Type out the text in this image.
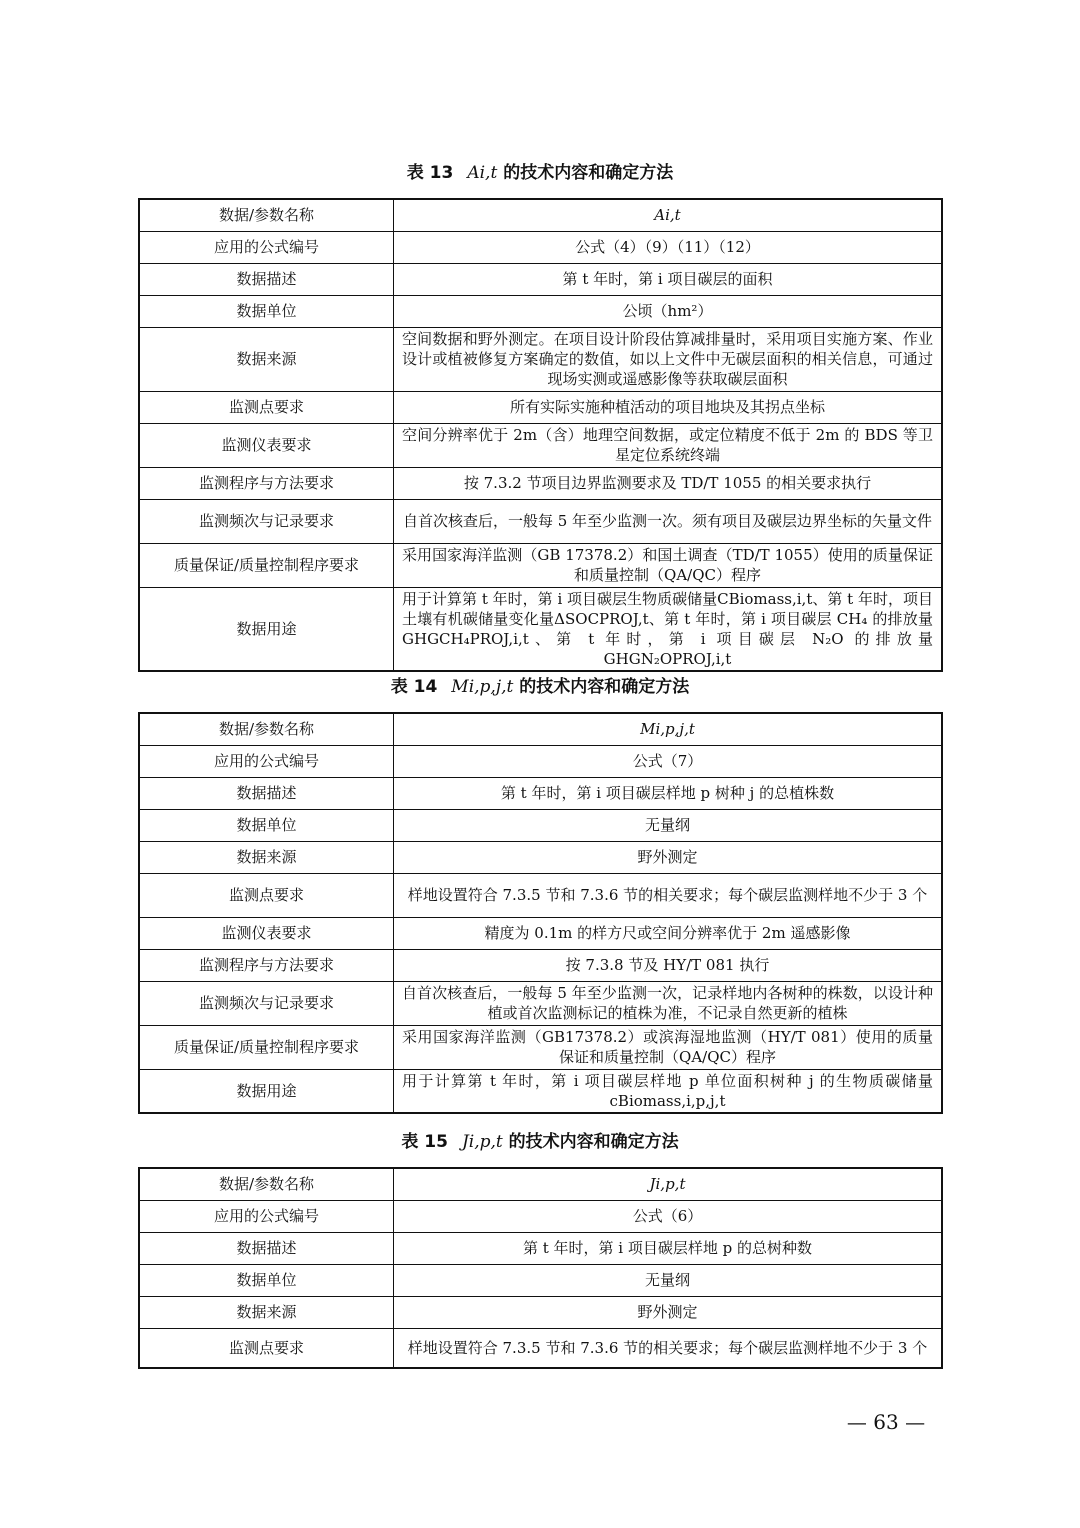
表 13 Ai,t 的技术内容和确定方法
数据/参数名称	Ai,t
应用的公式编号	公式（4）（9）（11）（12）
数据描述	第 t 年时，第 i 项目碳层的面积
数据单位	公顷（hm²）
数据来源	空间数据和野外测定。在项目设计阶段估算减排量时，采用项目实施方案、作业设计或植被修复方案确定的数值，如以上文件中无碳层面积的相关信息，可通过现场实测或遥感影像等获取碳层面积
监测点要求	所有实际实施种植活动的项目地块及其拐点坐标
监测仪表要求	空间分辨率优于 2m（含）地理空间数据，或定位精度不低于 2m 的 BDS 等卫星定位系统终端
监测程序与方法要求	按 7.3.2 节项目边界监测要求及 TD/T 1055 的相关要求执行
监测频次与记录要求	自首次核查后，一般每 5 年至少监测一次。须有项目及碳层边界坐标的矢量文件
质量保证/质量控制程序要求	采用国家海洋监测（GB 17378.2）和国土调查（TD/T 1055）使用的质量保证和质量控制（QA/QC）程序
数据用途	用于计算第 t 年时，第 i 项目碳层生物质碳储量CBiomass,i,t、第 t 年时，项目土壤有机碳储量变化量ΔSOCPROJ,t、第 t 年时，第 i 项目碳层 CH₄ 的排放量GHGCH₄PROJ,i,t、第 t 年时，第 i 项目碳层 N₂O 的排放量GHGN₂OPROJ,i,t
表 14 Mi,p,j,t 的技术内容和确定方法
数据/参数名称	Mi,p,j,t
应用的公式编号	公式（7）
数据描述	第 t 年时，第 i 项目碳层样地 p 树种 j 的总植株数
数据单位	无量纲
数据来源	野外测定
监测点要求	样地设置符合 7.3.5 节和 7.3.6 节的相关要求；每个碳层监测样地不少于 3 个
监测仪表要求	精度为 0.1m 的样方尺或空间分辨率优于 2m 遥感影像
监测程序与方法要求	按 7.3.8 节及 HY/T 081 执行
监测频次与记录要求	自首次核查后，一般每 5 年至少监测一次，记录样地内各树种的株数，以设计种植或首次监测标记的植株为准，不记录自然更新的植株
质量保证/质量控制程序要求	采用国家海洋监测（GB17378.2）或滨海湿地监测（HY/T 081）使用的质量保证和质量控制（QA/QC）程序
数据用途	用于计算第 t 年时，第 i 项目碳层样地 p 单位面积树种 j 的生物质碳储量 cBiomass,i,p,j,t
表 15 Ji,p,t 的技术内容和确定方法
数据/参数名称	Ji,p,t
应用的公式编号	公式（6）
数据描述	第 t 年时，第 i 项目碳层样地 p 的总树种数
数据单位	无量纲
数据来源	野外测定
监测点要求	样地设置符合 7.3.5 节和 7.3.6 节的相关要求；每个碳层监测样地不少于 3 个
— 63 —
